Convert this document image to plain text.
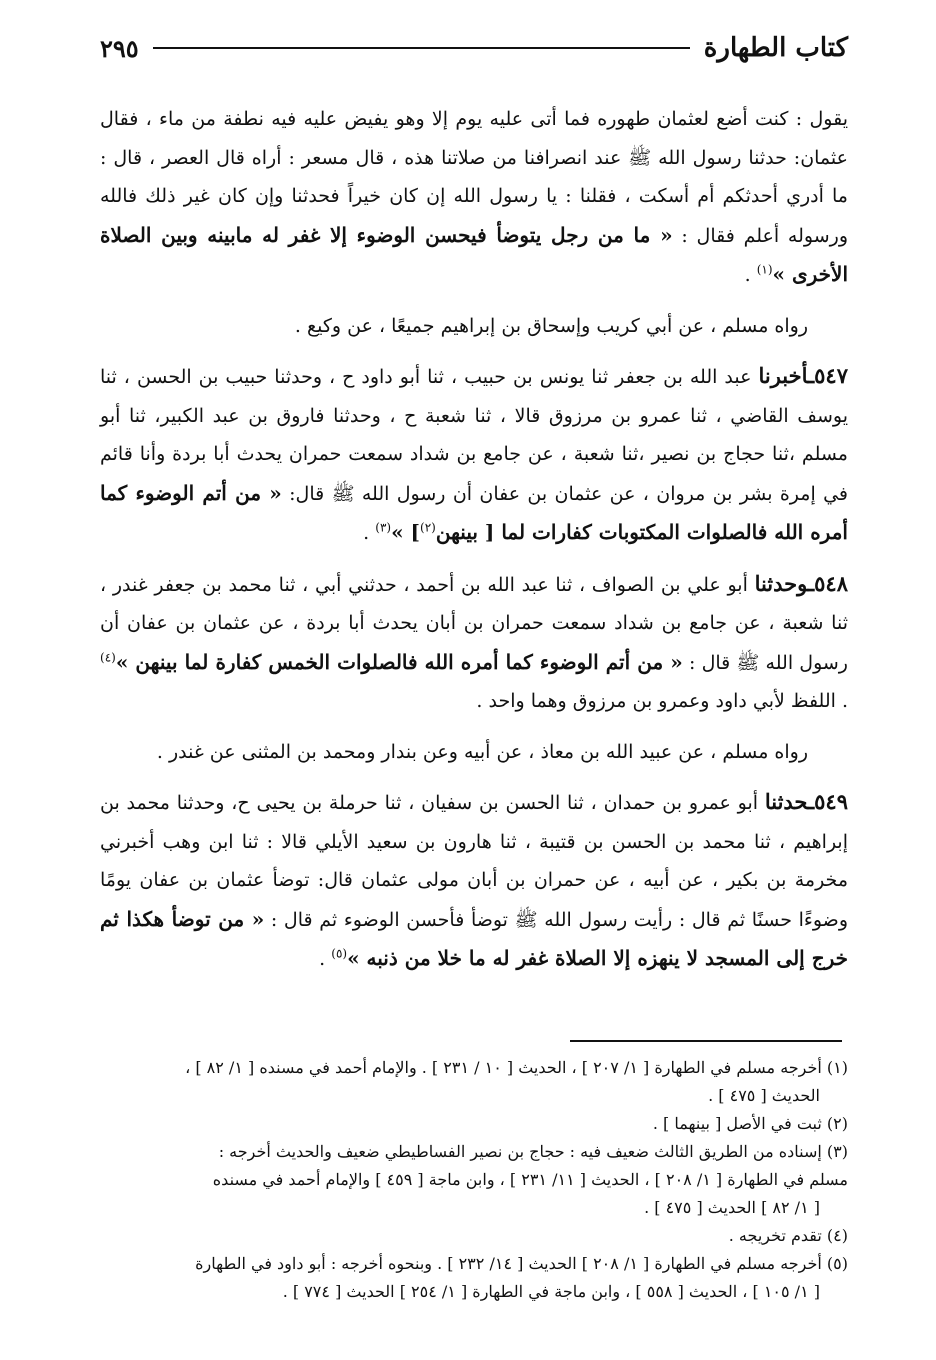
كتاب الطهارة
٢٩٥

يقول : كنت أضع لعثمان طهوره فما أتى عليه يوم إلا وهو يفيض عليه فيه نطفة من ماء ، فقال عثمان: حدثنا رسول الله ﷺ عند انصرافنا من صلاتنا هذه ، قال مسعر : أراه قال العصر ، قال : ما أدري أحدثكم أم أسكت ، فقلنا : يا رسول الله إن كان خيراً فحدثنا وإن كان غير ذلك فالله ورسوله أعلم فقال : « ما من رجل يتوضأ فيحسن الوضوء إلا غفر له مابينه وبين الصلاة الأخرى »$^{(١)}$ .

رواه مسلم ، عن أبي كريب وإسحاق بن إبراهيم جميعًا ، عن وكيع .

٥٤٧ـأخبرنا عبد الله بن جعفر ثنا يونس بن حبيب ، ثنا أبو داود ح ، وحدثنا حبيب بن الحسن ، ثنا يوسف القاضي ، ثنا عمرو بن مرزوق قالا ، ثنا شعبة ح ، وحدثنا فاروق بن عبد الكبير، ثنا أبو مسلم ،ثنا حجاج بن نصير ،ثنا شعبة ، عن جامع بن شداد سمعت حمران يحدث أبا بردة وأنا قائم في إمرة بشر بن مروان ، عن عثمان بن عفان أن رسول الله ﷺ قال: « من أتم الوضوء كما أمره الله فالصلوات المكتوبات كفارات لما [ بينهن$^{(٢)}$] »$^{(٣)}$ .

٥٤٨ـوحدثنا أبو علي بن الصواف ، ثنا عبد الله بن أحمد ، حدثني أبي ، ثنا محمد بن جعفر غندر ، ثنا شعبة ، عن جامع بن شداد سمعت حمران بن أبان يحدث أبا بردة ، عن عثمان بن عفان أن رسول الله ﷺ قال : « من أتم الوضوء كما أمره الله فالصلوات الخمس كفارة لما بينهن »$^{(٤)}$ . اللفظ لأبي داود وعمرو بن مرزوق وهما واحد .

رواه مسلم ، عن عبيد الله بن معاذ ، عن أبيه وعن بندار ومحمد بن المثنى عن غندر .

٥٤٩ـحدثنا أبو عمرو بن حمدان ، ثنا الحسن بن سفيان ، ثنا حرملة بن يحيى ح، وحدثنا محمد بن إبراهيم ، ثنا محمد بن الحسن بن قتيبة ، ثنا هارون بن سعيد الأيلي قالا : ثنا ابن وهب أخبرني مخرمة بن بكير ، عن أبيه ، عن حمران بن أبان مولى عثمان قال: توضأ عثمان بن عفان يومًا وضوءًا حسنًا ثم قال : رأيت رسول الله ﷺ توضأ فأحسن الوضوء ثم قال : « من توضأ هكذا ثم خرج إلى المسجد لا ينهزه إلا الصلاة غفر له ما خلا من ذنبه »$^{(٥)}$ .

(١) أخرجه مسلم في الطهارة [ ١/ ٢٠٧ ] ، الحديث [ ١٠ / ٢٣١ ] . والإمام أحمد في مسنده [ ١/ ٨٢ ] ،

الحديث [ ٤٧٥ ] .

(٢) ثبت في الأصل [ بينهما ] .

(٣) إسناده من الطريق الثالث ضعيف فيه : حجاج بن نصير الفساطيطي ضعيف والحديث أخرجه :

مسلم في الطهارة [ ١/ ٢٠٨ ] ، الحديث [ ١١/ ٢٣١ ] ، وابن ماجة [ ٤٥٩ ] والإمام أحمد في مسنده

[ ١/ ٨٢ ] الحديث [ ٤٧٥ ] .

(٤) تقدم تخريجه .

(٥) أخرجه مسلم في الطهارة [ ١/ ٢٠٨ ] الحديث [ ١٤/ ٢٣٢ ] . وبنحوه أخرجه : أبو داود في الطهارة

[ ١/ ١٠٥ ] ، الحديث [ ٥٥٨ ] ، وابن ماجة في الطهارة [ ١/ ٢٥٤ ] الحديث [ ٧٧٤ ] .
